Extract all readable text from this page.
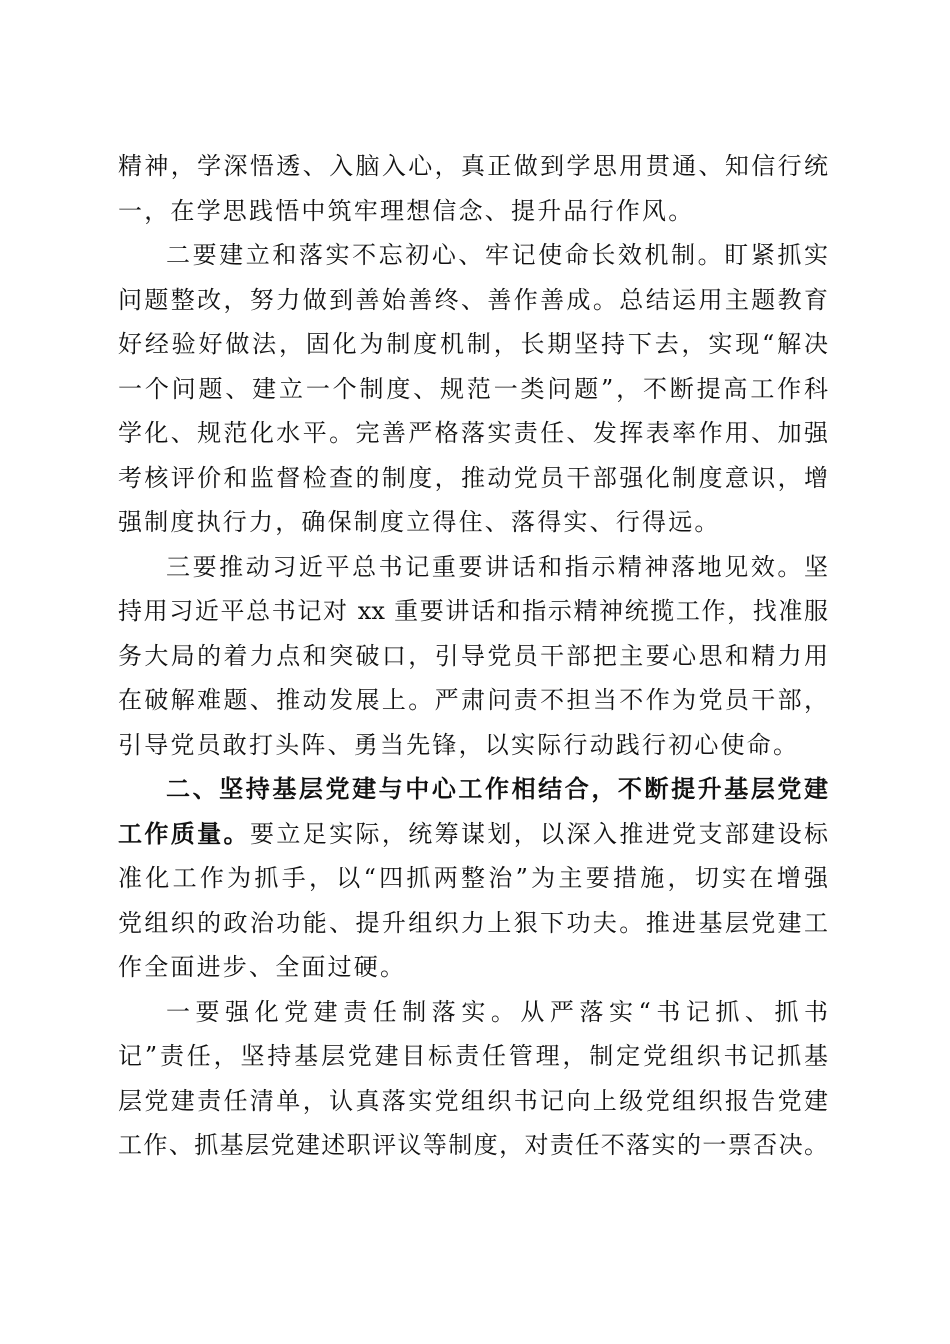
精神，学深悟透、入脑入心，真正做到学思用贯通、知信行统
一，在学思践悟中筑牢理想信念、提升品行作风。
二要建立和落实不忘初心、牢记使命长效机制。盯紧抓实
问题整改，努力做到善始善终、善作善成。总结运用主题教育
好经验好做法，固化为制度机制，长期坚持下去，实现“解决
一个问题、建立一个制度、规范一类问题”，不断提高工作科
学化、规范化水平。完善严格落实责任、发挥表率作用、加强
考核评价和监督检查的制度，推动党员干部强化制度意识，增
强制度执行力，确保制度立得住、落得实、行得远。
三要推动习近平总书记重要讲话和指示精神落地见效。坚
持用习近平总书记对 xx 重要讲话和指示精神统揽工作，找准服
务大局的着力点和突破口，引导党员干部把主要心思和精力用
在破解难题、推动发展上。严肃问责不担当不作为党员干部，
引导党员敢打头阵、勇当先锋，以实际行动践行初心使命。
二、坚持基层党建与中心工作相结合，不断提升基层党建
工作质量。要立足实际，统筹谋划，以深入推进党支部建设标
准化工作为抓手，以“四抓两整治”为主要措施，切实在增强
党组织的政治功能、提升组织力上狠下功夫。推进基层党建工
作全面进步、全面过硬。
一要强化党建责任制落实。从严落实“书记抓、抓书
记”责任，坚持基层党建目标责任管理，制定党组织书记抓基
层党建责任清单，认真落实党组织书记向上级党组织报告党建
工作、抓基层党建述职评议等制度，对责任不落实的一票否决。
